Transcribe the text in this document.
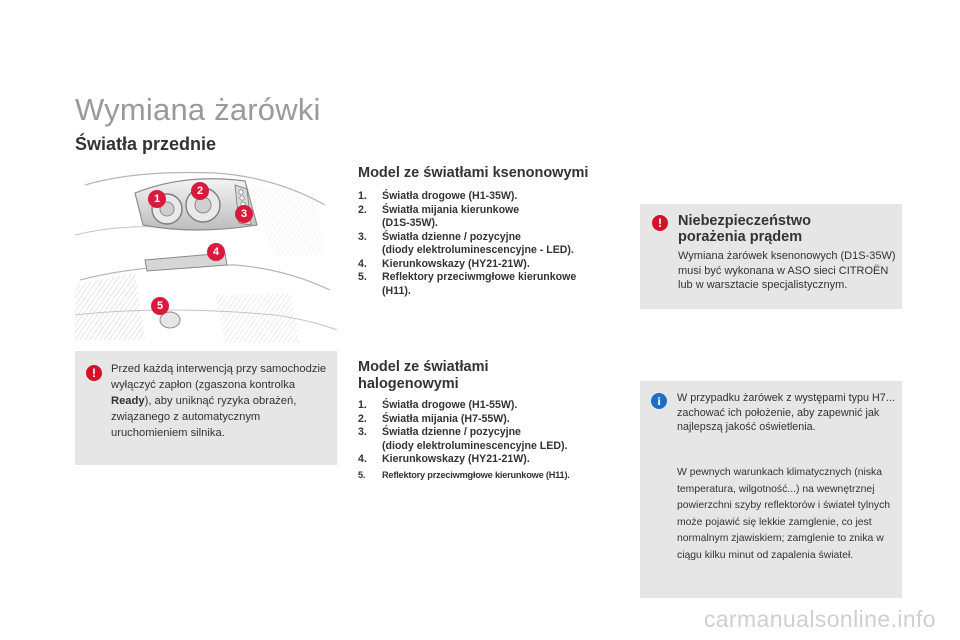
Wymiana żarówki
Światła przednie
1
2
3
4
5
!	Przed każdą interwencją przy samochodzie wyłączyć zapłon (zgaszona kontrolka Ready), aby uniknąć ryzyka obrażeń, związanego z automatycznym uruchomieniem silnika.
Model ze światłami ksenonowymi
1. Światła drogowe (H1-35W).
2. Światła mijania kierunkowe
(D1S-35W).
3. Światła dzienne / pozycyjne
(diody elektroluminescencyjne - LED).
4. Kierunkowskazy (HY21-21W).
5. Reflektory przeciwmgłowe kierunkowe
(H11).
Model ze światłami
halogenowymi
1. Światła drogowe (H1-55W).
2. Światła mijania (H7-55W).
3. Światła dzienne / pozycyjne
(diody elektroluminescencyjne LED).
4. Kierunkowskazy (HY21-21W).
5. Reflektory przeciwmgłowe kierunkowe (H11).
!	Niebezpieczeństwo
porażenia prądem
Wymiana żarówek ksenonowych (D1S-35W) musi być wykonana w ASO sieci CITROËN lub w warsztacie specjalistycznym.
i	W przypadku żarówek z występami typu H7... zachować ich położenie, aby zapewnić jak najlepszą jakość oświetlenia.
W pewnych warunkach klimatycznych (niska temperatura, wilgotność...) na wewnętrznej powierzchni szyby reflektorów i świateł tylnych może pojawić się lekkie zamglenie, co jest normalnym zjawiskiem; zamglenie to znika w ciągu kilku minut od zapalenia świateł.
carmanualsonline.info
